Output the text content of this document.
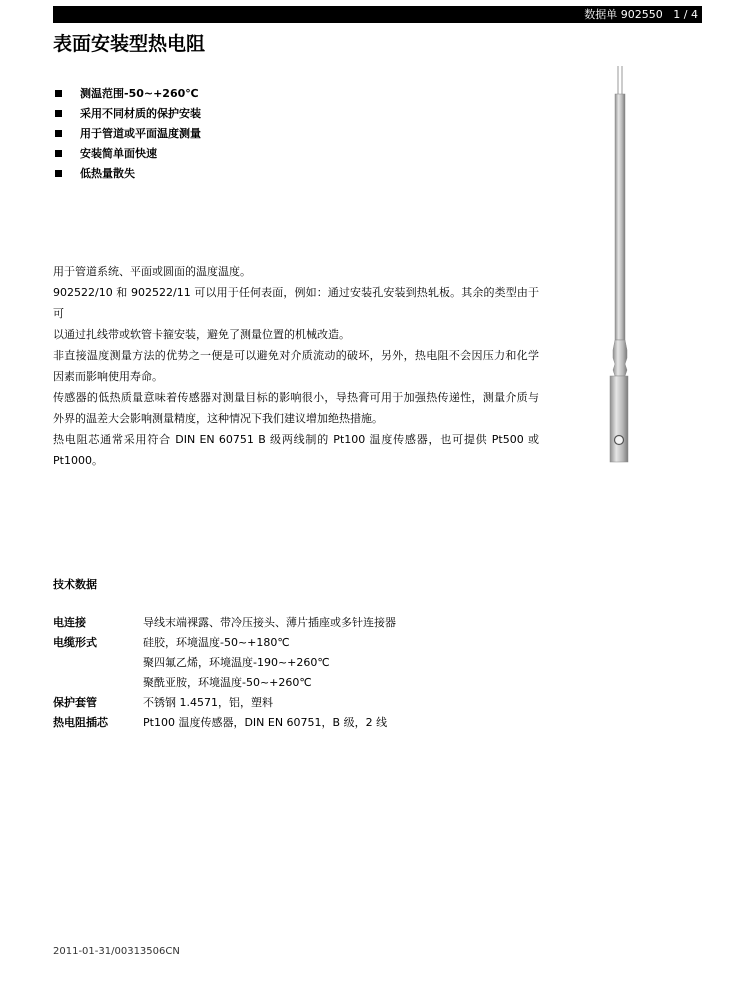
数据单 902550 1 / 4
表面安装型热电阻
测温范围-50~+260℃
采用不同材质的保护安装
用于管道或平面温度测量
安装简单面快速
低热量散失

用于管道系统、平面或圆面的温度温度。

902522/10 和 902522/11 可以用于任何表面，例如：通过安装孔安装到热轧板。其余的类型由于可

以通过扎线带或软管卡箍安装，避免了测量位置的机械改造。

非直接温度测量方法的优势之一便是可以避免对介质流动的破坏，另外，热电阻不会因压力和化学

因素而影响使用寿命。

传感器的低热质量意味着传感器对测量目标的影响很小，导热膏可用于加强热传递性，测量介质与

外界的温差大会影响测量精度，这种情况下我们建议增加绝热措施。

热电阻芯通常采用符合 DIN EN 60751 B 级两线制的 Pt100 温度传感器，也可提供 Pt500 或

Pt1000。

技术数据
电连接	导线末端裸露、带冷压接头、薄片插座或多针连接器
电缆形式	硅胶，环境温度-50~+180℃
聚四氟乙烯，环境温度-190~+260℃
聚酰亚胺，环境温度-50~+260℃
保护套管	不锈钢 1.4571，铝，塑料
热电阻插芯	Pt100 温度传感器，DIN EN 60751，B 级，2 线
2011-01-31/00313506CN
